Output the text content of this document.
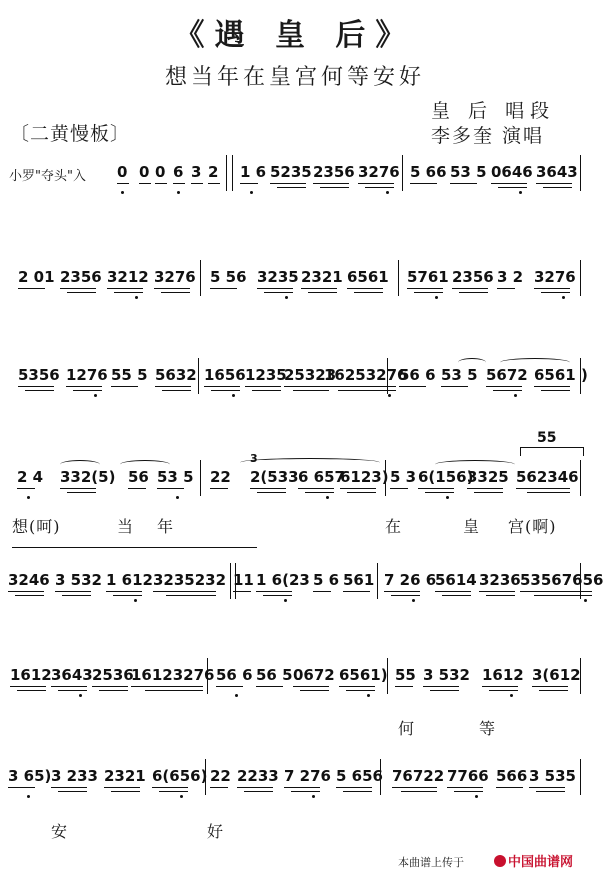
《遇 皇 后》
想当年在皇宫何等安好
皇 后 唱段
李多奎 演唱
〔二黄慢板〕
小罗"夺头"入 0 0 0 6 3 2 1 6 5235 2356 3276 5 66 53 5 0646 3643
2 01 2356 3212 3276 5 56 3235 2321 6561 5761 2356 3 2 3276
5356 1276 55 5 5632 1656 1235
25323
16253276
56 6 53 5 5672 6561 )
2 4 332(5) 56 53 5 22 2(533 6 657
6123) 5 3 6(156)
3325 562346
3246 3 532 1 612 3235232 11 1 6(23 5 6 561 7 26 6
5614 3236 53567656
1612 3643 2536
16123276 56 6 56 5 0672 6561) 55 3 532 1612 3(612
3 65) 3 233 2321 6(656) 22 2233 7 276 5 656 76722 7766 566 3 535
想(呵)	当 年	在	皇 宫(啊)
何	等
安	好
3
55
本曲谱上传于	中国曲谱网
